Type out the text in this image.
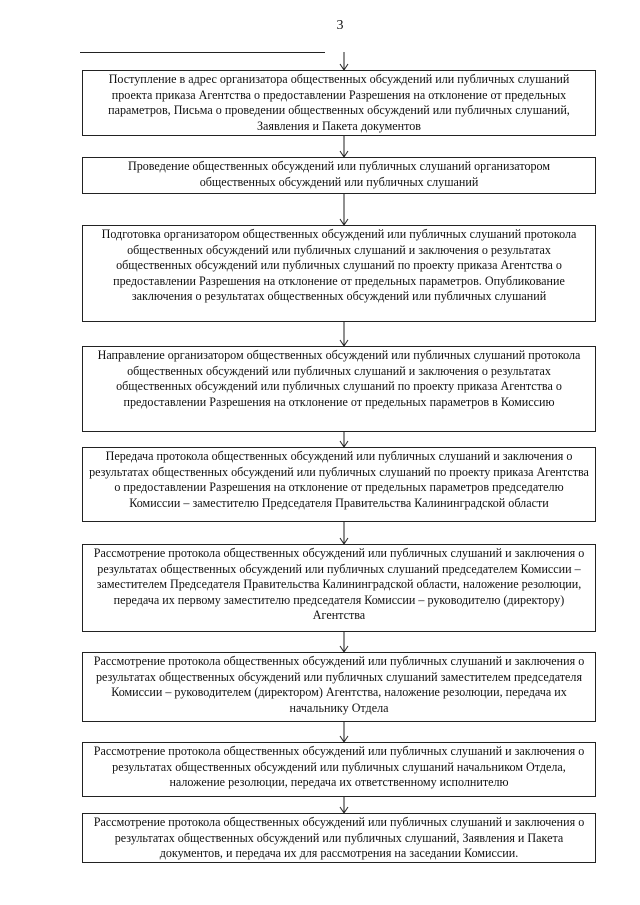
3
Поступление в адрес организатора общественных обсуждений или публичных слушаний проекта приказа Агентства о предоставлении Разрешения на отклонение от предельных параметров, Письма о проведении общественных обсуждений или публичных слушаний, Заявления и Пакета документов
Проведение общественных обсуждений или публичных слушаний организатором общественных обсуждений или публичных слушаний
Подготовка организатором общественных обсуждений или публичных слушаний протокола общественных обсуждений или публичных слушаний и заключения о результатах общественных обсуждений или публичных слушаний по проекту приказа Агентства о предоставлении Разрешения на отклонение от предельных параметров. Опубликование заключения о результатах общественных обсуждений или публичных слушаний
Направление организатором общественных обсуждений или публичных слушаний протокола общественных обсуждений или публичных слушаний и заключения о результатах общественных обсуждений или публичных слушаний по проекту приказа Агентства о предоставлении Разрешения на отклонение от предельных параметров в Комиссию
Передача протокола общественных обсуждений или публичных слушаний и заключения о результатах общественных обсуждений или публичных слушаний по проекту приказа Агентства о предоставлении Разрешения на отклонение от предельных параметров председателю Комиссии – заместителю Председателя Правительства Калининградской области
Рассмотрение протокола общественных обсуждений или публичных слушаний и заключения о результатах общественных обсуждений или публичных слушаний председателем Комиссии – заместителем Председателя Правительства Калининградской области, наложение резолюции, передача их первому заместителю председателя Комиссии – руководителю (директору) Агентства
Рассмотрение протокола общественных обсуждений или публичных слушаний и заключения о результатах общественных обсуждений или публичных слушаний заместителем председателя Комиссии – руководителем (директором) Агентства, наложение резолюции, передача их начальнику Отдела
Рассмотрение протокола общественных обсуждений или публичных слушаний и заключения о результатах общественных обсуждений или публичных слушаний начальником Отдела, наложение резолюции, передача их ответственному исполнителю
Рассмотрение протокола общественных обсуждений или публичных слушаний и заключения о результатах общественных обсуждений или публичных слушаний, Заявления и Пакета документов, и передача их для рассмотрения на заседании Комиссии.
